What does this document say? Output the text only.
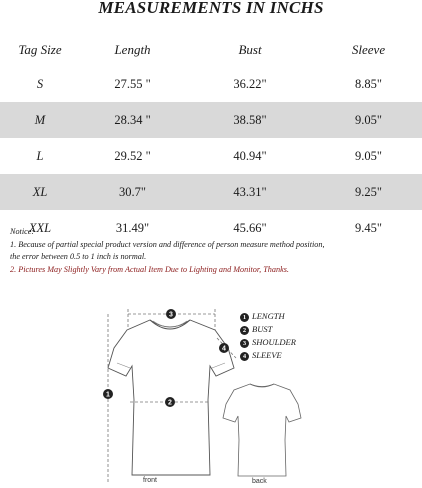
MEASUREMENTS IN INCHS
Tag Size	Length	Bust	Sleeve
S	27.55 "	36.22"	8.85"
M	28.34 "	38.58"	9.05"
L	29.52 "	40.94"	9.05"
XL	30.7"	43.31"	9.25"
XXL	31.49"	45.66"	9.45"
Notice:
1. Because of partial special product version and difference of person measure method position,
the error between 0.5 to 1 inch is normal.
2. Pictures May Slightly Vary from Actual Item Due to Lighting and Monitor, Thanks.
1
2
3
4
1 LENGTH
2 BUST
3 SHOULDER
4 SLEEVE
front	back
